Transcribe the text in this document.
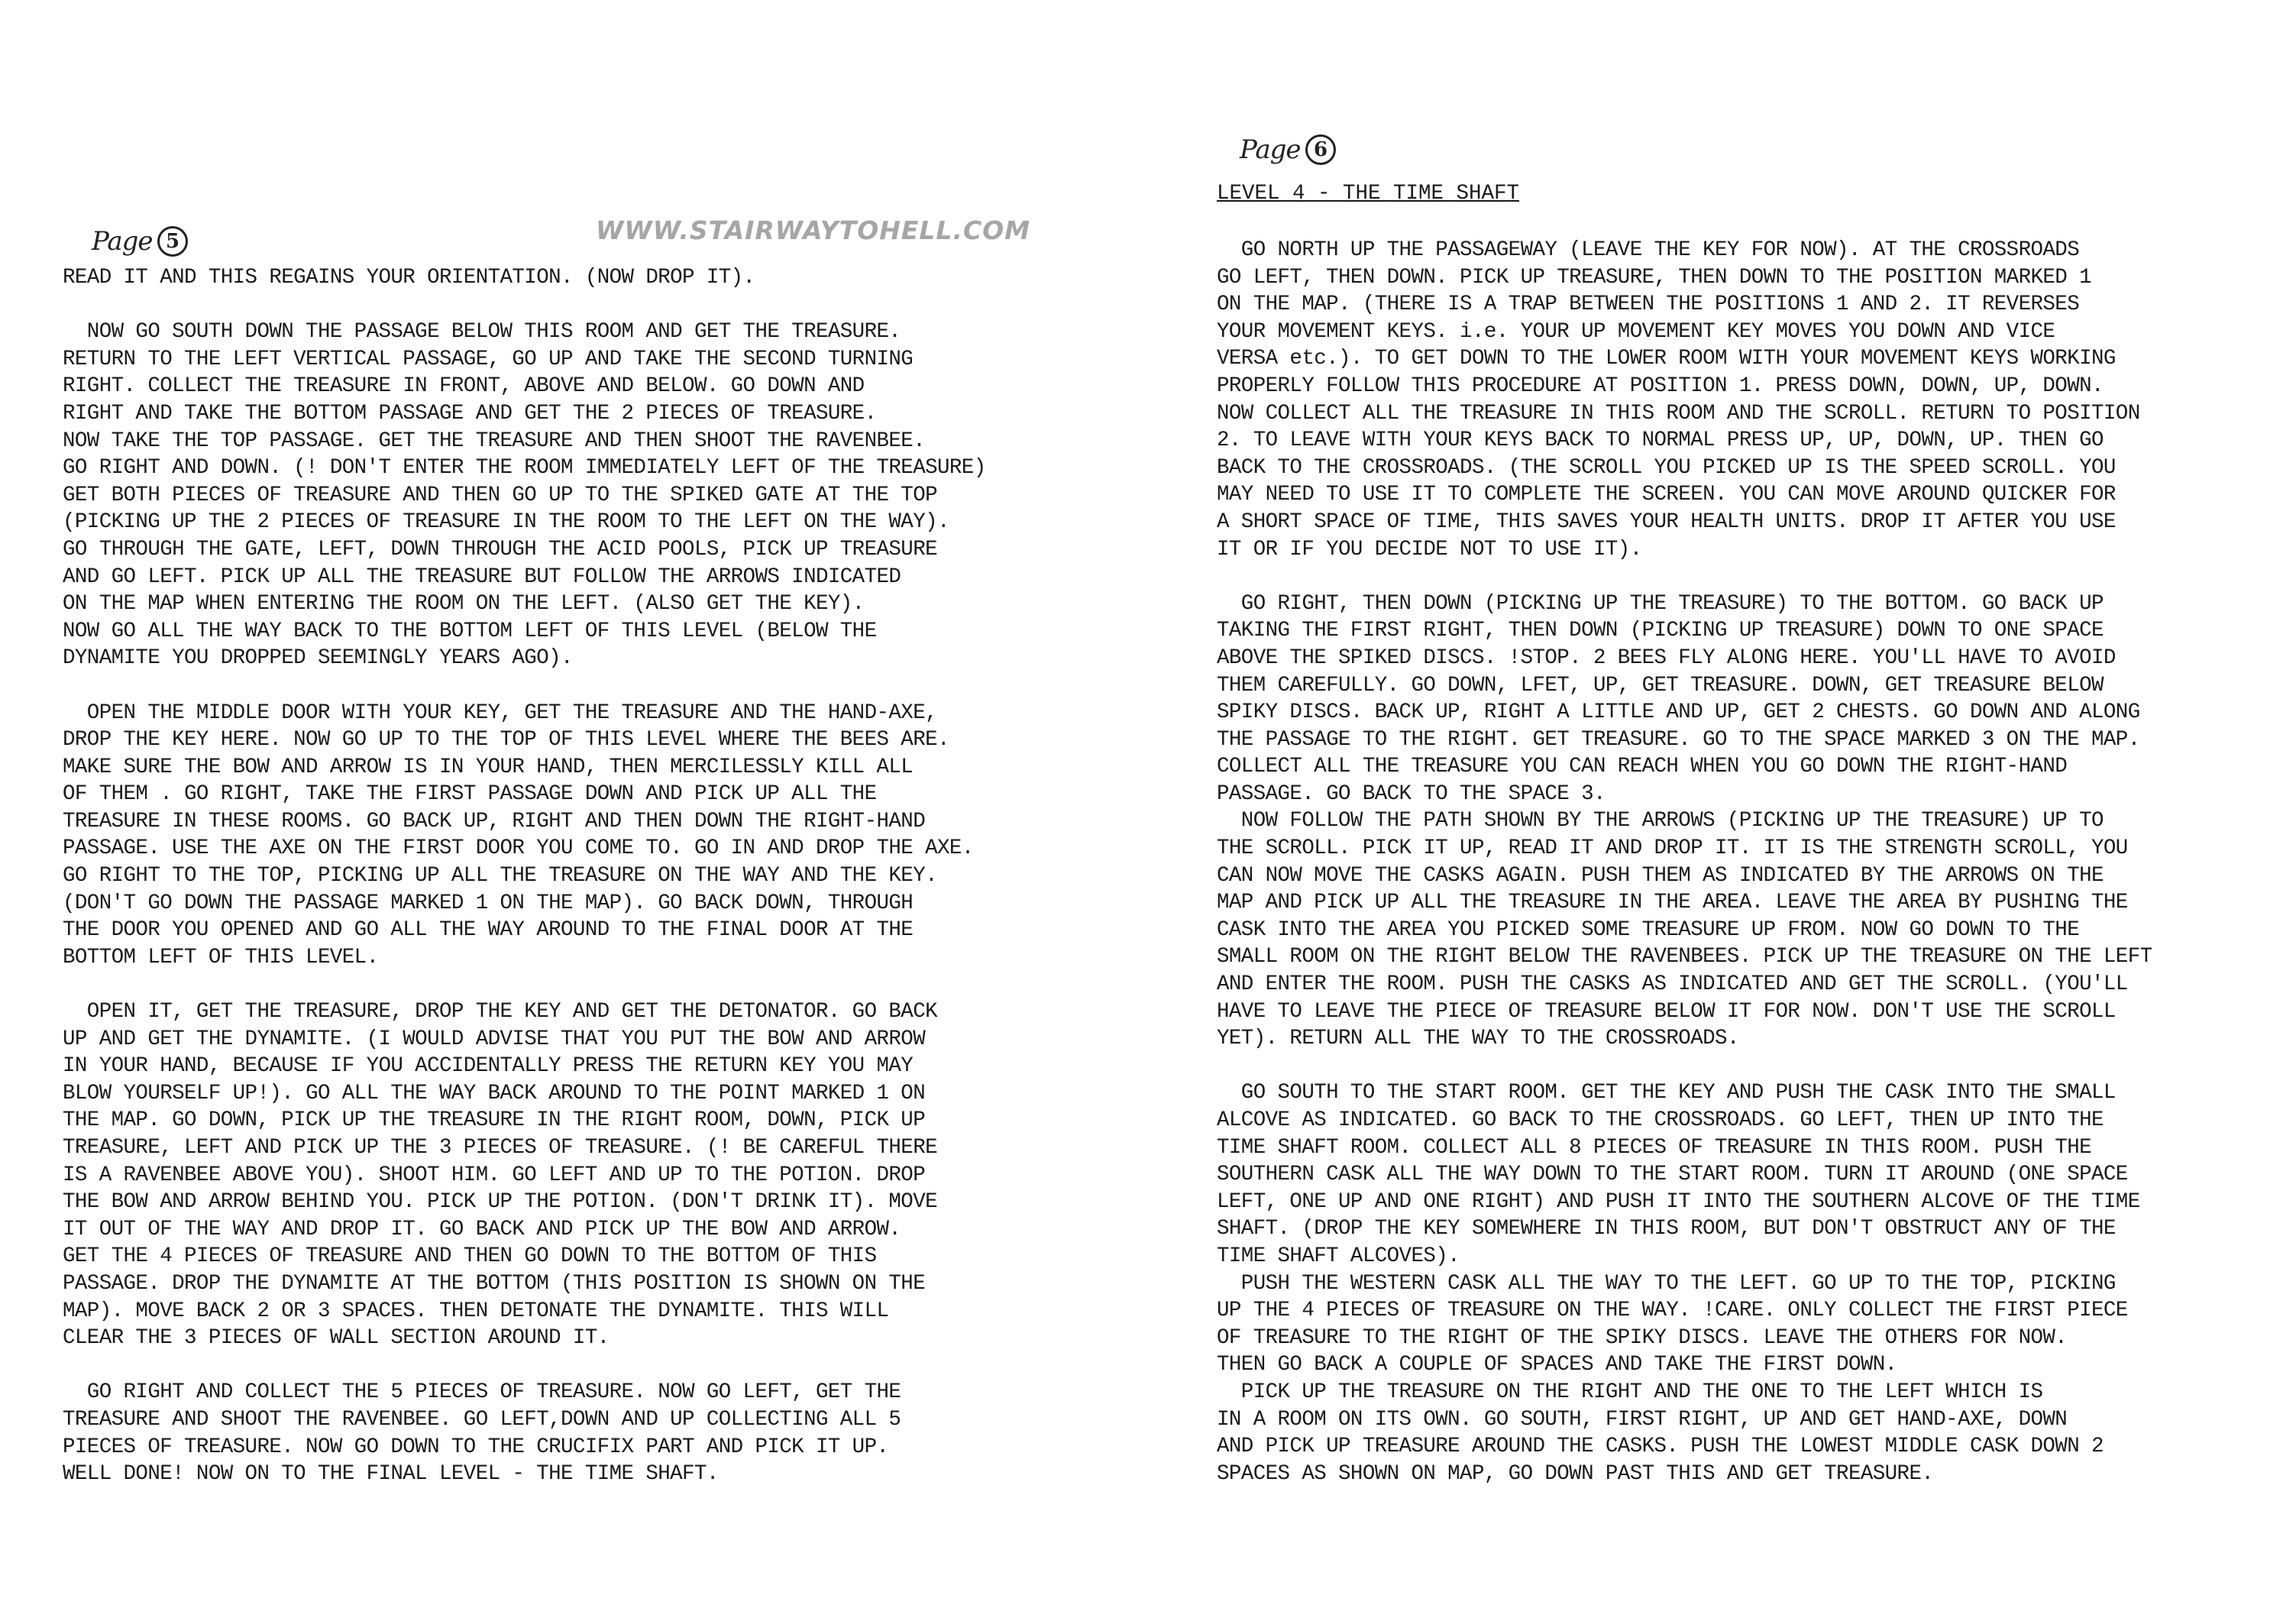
Page 5	WWW.STAIRWAYTOHELL.COM
READ IT AND THIS REGAINS YOUR ORIENTATION. (NOW DROP IT).
NOW GO SOUTH DOWN THE PASSAGE BELOW THIS ROOM AND GET THE TREASURE.
RETURN TO THE LEFT VERTICAL PASSAGE, GO UP AND TAKE THE SECOND TURNING
RIGHT. COLLECT THE TREASURE IN FRONT, ABOVE AND BELOW. GO DOWN AND
RIGHT AND TAKE THE BOTTOM PASSAGE AND GET THE 2 PIECES OF TREASURE.
NOW TAKE THE TOP PASSAGE. GET THE TREASURE AND THEN SHOOT THE RAVENBEE.
GO RIGHT AND DOWN. (! DON'T ENTER THE ROOM IMMEDIATELY LEFT OF THE TREASURE)
GET BOTH PIECES OF TREASURE AND THEN GO UP TO THE SPIKED GATE AT THE TOP
(PICKING UP THE 2 PIECES OF TREASURE IN THE ROOM TO THE LEFT ON THE WAY).
GO THROUGH THE GATE, LEFT, DOWN THROUGH THE ACID POOLS, PICK UP TREASURE
AND GO LEFT. PICK UP ALL THE TREASURE BUT FOLLOW THE ARROWS INDICATED
ON THE MAP WHEN ENTERING THE ROOM ON THE LEFT. (ALSO GET THE KEY).
NOW GO ALL THE WAY BACK TO THE BOTTOM LEFT OF THIS LEVEL (BELOW THE
DYNAMITE YOU DROPPED SEEMINGLY YEARS AGO).
OPEN THE MIDDLE DOOR WITH YOUR KEY, GET THE TREASURE AND THE HAND-AXE,
DROP THE KEY HERE. NOW GO UP TO THE TOP OF THIS LEVEL WHERE THE BEES ARE.
MAKE SURE THE BOW AND ARROW IS IN YOUR HAND, THEN MERCILESSLY KILL ALL
OF THEM . GO RIGHT, TAKE THE FIRST PASSAGE DOWN AND PICK UP ALL THE
TREASURE IN THESE ROOMS. GO BACK UP, RIGHT AND THEN DOWN THE RIGHT-HAND
PASSAGE. USE THE AXE ON THE FIRST DOOR YOU COME TO. GO IN AND DROP THE AXE.
GO RIGHT TO THE TOP, PICKING UP ALL THE TREASURE ON THE WAY AND THE KEY.
(DON'T GO DOWN THE PASSAGE MARKED 1 ON THE MAP). GO BACK DOWN, THROUGH
THE DOOR YOU OPENED AND GO ALL THE WAY AROUND TO THE FINAL DOOR AT THE
BOTTOM LEFT OF THIS LEVEL.
OPEN IT, GET THE TREASURE, DROP THE KEY AND GET THE DETONATOR. GO BACK
UP AND GET THE DYNAMITE. (I WOULD ADVISE THAT YOU PUT THE BOW AND ARROW
IN YOUR HAND, BECAUSE IF YOU ACCIDENTALLY PRESS THE RETURN KEY YOU MAY
BLOW YOURSELF UP!). GO ALL THE WAY BACK AROUND TO THE POINT MARKED 1 ON
THE MAP. GO DOWN, PICK UP THE TREASURE IN THE RIGHT ROOM, DOWN, PICK UP
TREASURE, LEFT AND PICK UP THE 3 PIECES OF TREASURE. (! BE CAREFUL THERE
IS A RAVENBEE ABOVE YOU). SHOOT HIM. GO LEFT AND UP TO THE POTION. DROP
THE BOW AND ARROW BEHIND YOU. PICK UP THE POTION. (DON'T DRINK IT). MOVE
IT OUT OF THE WAY AND DROP IT. GO BACK AND PICK UP THE BOW AND ARROW.
GET THE 4 PIECES OF TREASURE AND THEN GO DOWN TO THE BOTTOM OF THIS
PASSAGE. DROP THE DYNAMITE AT THE BOTTOM (THIS POSITION IS SHOWN ON THE
MAP). MOVE BACK 2 OR 3 SPACES. THEN DETONATE THE DYNAMITE. THIS WILL
CLEAR THE 3 PIECES OF WALL SECTION AROUND IT.
GO RIGHT AND COLLECT THE 5 PIECES OF TREASURE. NOW GO LEFT, GET THE
TREASURE AND SHOOT THE RAVENBEE. GO LEFT,DOWN AND UP COLLECTING ALL 5
PIECES OF TREASURE. NOW GO DOWN TO THE CRUCIFIX PART AND PICK IT UP.
WELL DONE! NOW ON TO THE FINAL LEVEL - THE TIME SHAFT.
Page 6
LEVEL 4 - THE TIME SHAFT
GO NORTH UP THE PASSAGEWAY (LEAVE THE KEY FOR NOW). AT THE CROSSROADS
GO LEFT, THEN DOWN. PICK UP TREASURE, THEN DOWN TO THE POSITION MARKED 1
ON THE MAP. (THERE IS A TRAP BETWEEN THE POSITIONS 1 AND 2. IT REVERSES
YOUR MOVEMENT KEYS. i.e. YOUR UP MOVEMENT KEY MOVES YOU DOWN AND VICE
VERSA etc.). TO GET DOWN TO THE LOWER ROOM WITH YOUR MOVEMENT KEYS WORKING
PROPERLY FOLLOW THIS PROCEDURE AT POSITION 1. PRESS DOWN, DOWN, UP, DOWN.
NOW COLLECT ALL THE TREASURE IN THIS ROOM AND THE SCROLL. RETURN TO POSITION
2. TO LEAVE WITH YOUR KEYS BACK TO NORMAL PRESS UP, UP, DOWN, UP. THEN GO
BACK TO THE CROSSROADS. (THE SCROLL YOU PICKED UP IS THE SPEED SCROLL. YOU
MAY NEED TO USE IT TO COMPLETE THE SCREEN. YOU CAN MOVE AROUND QUICKER FOR
A SHORT SPACE OF TIME, THIS SAVES YOUR HEALTH UNITS. DROP IT AFTER YOU USE
IT OR IF YOU DECIDE NOT TO USE IT).
GO RIGHT, THEN DOWN (PICKING UP THE TREASURE) TO THE BOTTOM. GO BACK UP
TAKING THE FIRST RIGHT, THEN DOWN (PICKING UP TREASURE) DOWN TO ONE SPACE
ABOVE THE SPIKED DISCS. !STOP. 2 BEES FLY ALONG HERE. YOU'LL HAVE TO AVOID
THEM CAREFULLY. GO DOWN, LFET, UP, GET TREASURE. DOWN, GET TREASURE BELOW
SPIKY DISCS. BACK UP, RIGHT A LITTLE AND UP, GET 2 CHESTS. GO DOWN AND ALONG
THE PASSAGE TO THE RIGHT. GET TREASURE. GO TO THE SPACE MARKED 3 ON THE MAP.
COLLECT ALL THE TREASURE YOU CAN REACH WHEN YOU GO DOWN THE RIGHT-HAND
PASSAGE. GO BACK TO THE SPACE 3.
NOW FOLLOW THE PATH SHOWN BY THE ARROWS (PICKING UP THE TREASURE) UP TO
THE SCROLL. PICK IT UP, READ IT AND DROP IT. IT IS THE STRENGTH SCROLL, YOU
CAN NOW MOVE THE CASKS AGAIN. PUSH THEM AS INDICATED BY THE ARROWS ON THE
MAP AND PICK UP ALL THE TREASURE IN THE AREA. LEAVE THE AREA BY PUSHING THE
CASK INTO THE AREA YOU PICKED SOME TREASURE UP FROM. NOW GO DOWN TO THE
SMALL ROOM ON THE RIGHT BELOW THE RAVENBEES. PICK UP THE TREASURE ON THE LEFT
AND ENTER THE ROOM. PUSH THE CASKS AS INDICATED AND GET THE SCROLL. (YOU'LL
HAVE TO LEAVE THE PIECE OF TREASURE BELOW IT FOR NOW. DON'T USE THE SCROLL
YET). RETURN ALL THE WAY TO THE CROSSROADS.
GO SOUTH TO THE START ROOM. GET THE KEY AND PUSH THE CASK INTO THE SMALL
ALCOVE AS INDICATED. GO BACK TO THE CROSSROADS. GO LEFT, THEN UP INTO THE
TIME SHAFT ROOM. COLLECT ALL 8 PIECES OF TREASURE IN THIS ROOM. PUSH THE
SOUTHERN CASK ALL THE WAY DOWN TO THE START ROOM. TURN IT AROUND (ONE SPACE
LEFT, ONE UP AND ONE RIGHT) AND PUSH IT INTO THE SOUTHERN ALCOVE OF THE TIME
SHAFT. (DROP THE KEY SOMEWHERE IN THIS ROOM, BUT DON'T OBSTRUCT ANY OF THE
TIME SHAFT ALCOVES).
PUSH THE WESTERN CASK ALL THE WAY TO THE LEFT. GO UP TO THE TOP, PICKING
UP THE 4 PIECES OF TREASURE ON THE WAY. !CARE. ONLY COLLECT THE FIRST PIECE
OF TREASURE TO THE RIGHT OF THE SPIKY DISCS. LEAVE THE OTHERS FOR NOW.
THEN GO BACK A COUPLE OF SPACES AND TAKE THE FIRST DOWN.
PICK UP THE TREASURE ON THE RIGHT AND THE ONE TO THE LEFT WHICH IS
IN A ROOM ON ITS OWN. GO SOUTH, FIRST RIGHT, UP AND GET HAND-AXE, DOWN
AND PICK UP TREASURE AROUND THE CASKS. PUSH THE LOWEST MIDDLE CASK DOWN 2
SPACES AS SHOWN ON MAP, GO DOWN PAST THIS AND GET TREASURE.
